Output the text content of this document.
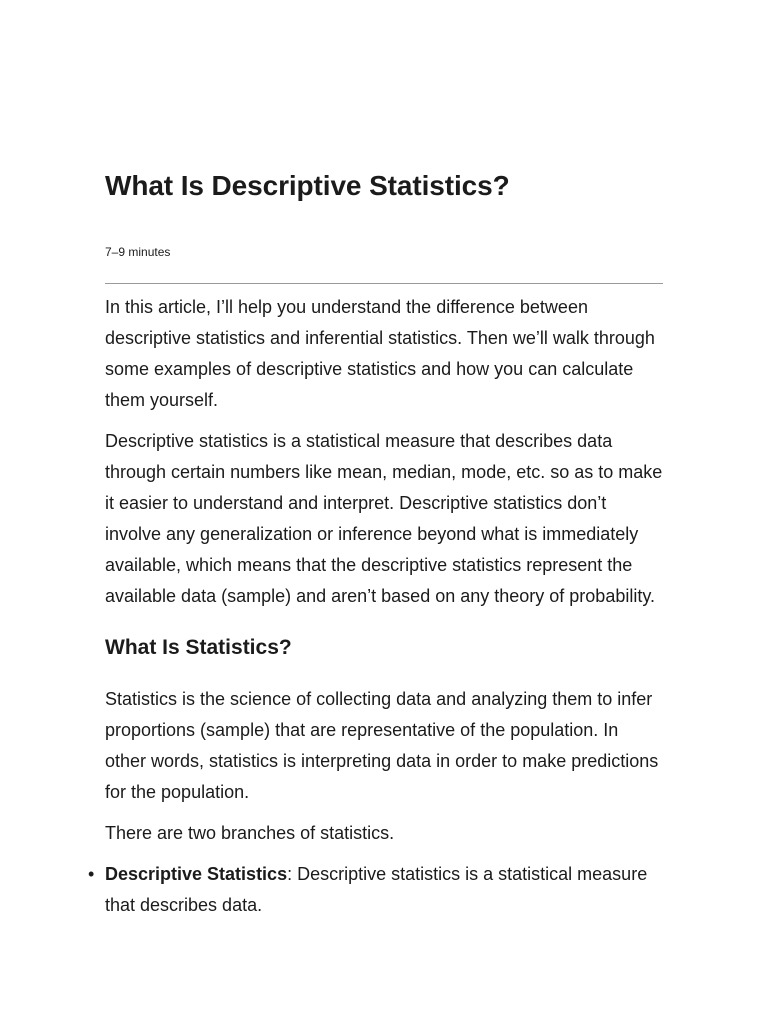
What Is Descriptive Statistics?
7–9 minutes

In this article, I’ll help you understand the difference between descriptive statistics and inferential statistics. Then we’ll walk through some examples of descriptive statistics and how you can calculate them yourself.

Descriptive statistics is a statistical measure that describes data through certain numbers like mean, median, mode, etc. so as to make it easier to understand and interpret. Descriptive statistics don’t involve any generalization or inference beyond what is immediately available, which means that the descriptive statistics represent the available data (sample) and aren’t based on any theory of probability.

What Is Statistics?

Statistics is the science of collecting data and analyzing them to infer proportions (sample) that are representative of the population. In other words, statistics is interpreting data in order to make predictions for the population.

There are two branches of statistics.

• Descriptive Statistics: Descriptive statistics is a statistical measure that describes data.
